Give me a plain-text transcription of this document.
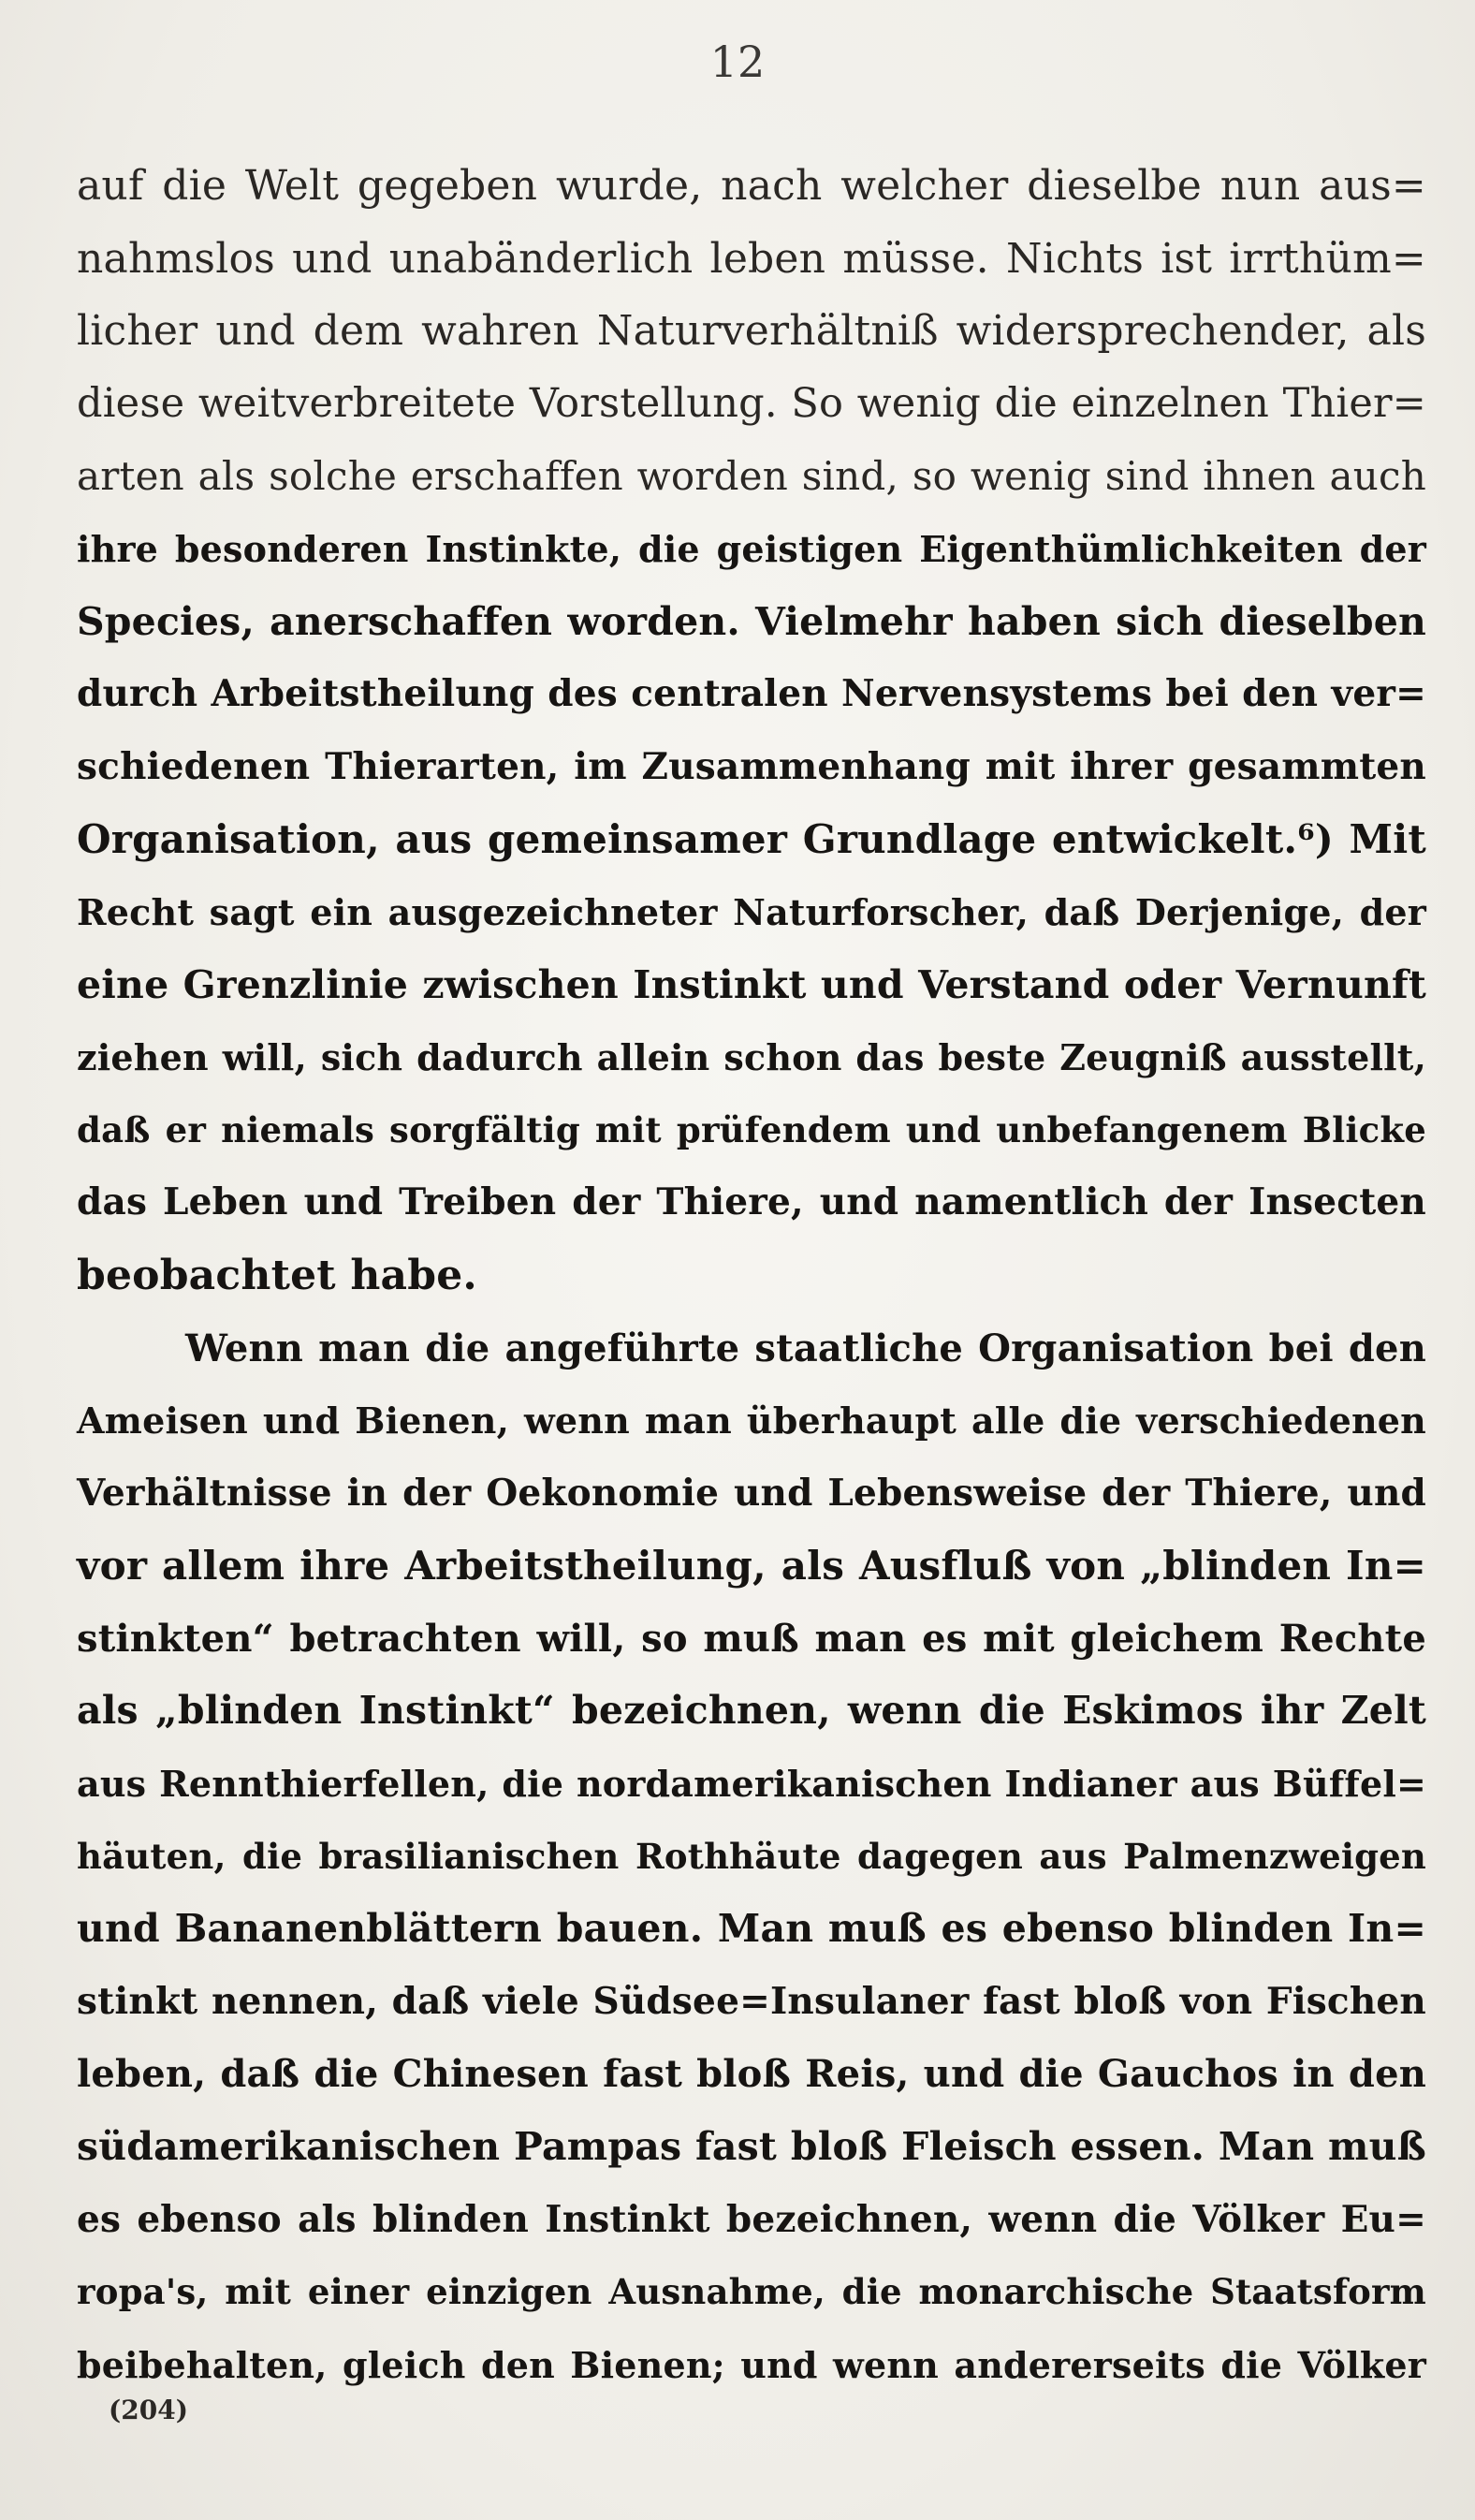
12
auf die Welt gegeben wurde, nach welcher dieselbe nun aus=
nahmslos und unabänderlich leben müsse. Nichts ist irrthüm=
licher und dem wahren Naturverhältniß widersprechender, als
diese weitverbreitete Vorstellung. So wenig die einzelnen Thier=
arten als solche erschaffen worden sind, so wenig sind ihnen auch
ihre besonderen Instinkte, die geistigen Eigenthümlichkeiten der
Species, anerschaffen worden. Vielmehr haben sich dieselben
durch Arbeitstheilung des centralen Nervensystems bei den ver=
schiedenen Thierarten, im Zusammenhang mit ihrer gesammten
Organisation, aus gemeinsamer Grundlage entwickelt.⁶) Mit
Recht sagt ein ausgezeichneter Naturforscher, daß Derjenige, der
eine Grenzlinie zwischen Instinkt und Verstand oder Vernunft
ziehen will, sich dadurch allein schon das beste Zeugniß ausstellt,
daß er niemals sorgfältig mit prüfendem und unbefangenem Blicke
das Leben und Treiben der Thiere, und namentlich der Insecten
beobachtet habe.
Wenn man die angeführte staatliche Organisation bei den
Ameisen und Bienen, wenn man überhaupt alle die verschiedenen
Verhältnisse in der Oekonomie und Lebensweise der Thiere, und
vor allem ihre Arbeitstheilung, als Ausfluß von „blinden In=
stinkten“ betrachten will, so muß man es mit gleichem Rechte
als „blinden Instinkt“ bezeichnen, wenn die Eskimos ihr Zelt
aus Rennthierfellen, die nordamerikanischen Indianer aus Büffel=
häuten, die brasilianischen Rothhäute dagegen aus Palmenzweigen
und Bananenblättern bauen. Man muß es ebenso blinden In=
stinkt nennen, daß viele Südsee=Insulaner fast bloß von Fischen
leben, daß die Chinesen fast bloß Reis, und die Gauchos in den
südamerikanischen Pampas fast bloß Fleisch essen. Man muß
es ebenso als blinden Instinkt bezeichnen, wenn die Völker Eu=
ropa's, mit einer einzigen Ausnahme, die monarchische Staatsform
beibehalten, gleich den Bienen; und wenn andererseits die Völker
(204)
